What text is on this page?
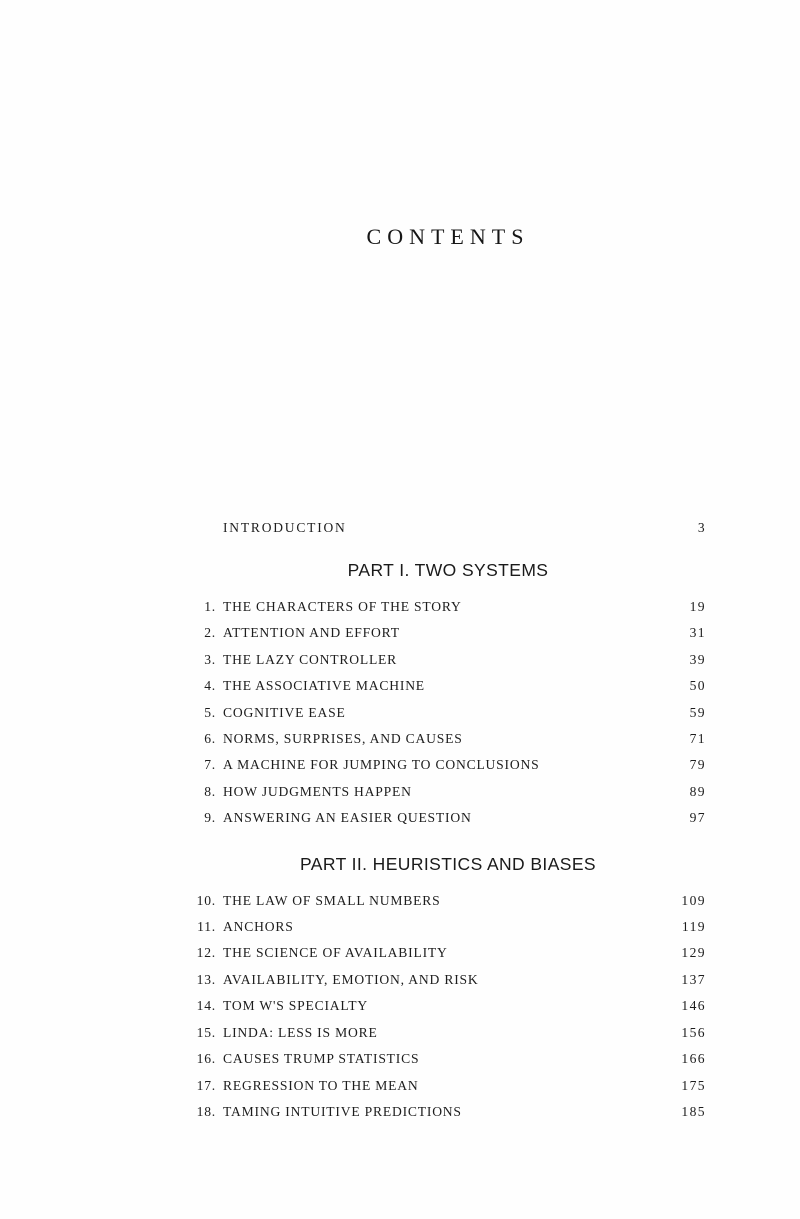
CONTENTS
INTRODUCTION	3
PART I. TWO SYSTEMS
1. THE CHARACTERS OF THE STORY	19
2. ATTENTION AND EFFORT	31
3. THE LAZY CONTROLLER	39
4. THE ASSOCIATIVE MACHINE	50
5. COGNITIVE EASE	59
6. NORMS, SURPRISES, AND CAUSES	71
7. A MACHINE FOR JUMPING TO CONCLUSIONS	79
8. HOW JUDGMENTS HAPPEN	89
9. ANSWERING AN EASIER QUESTION	97
PART II. HEURISTICS AND BIASES
10. THE LAW OF SMALL NUMBERS	109
11. ANCHORS	119
12. THE SCIENCE OF AVAILABILITY	129
13. AVAILABILITY, EMOTION, AND RISK	137
14. TOM W'S SPECIALTY	146
15. LINDA: LESS IS MORE	156
16. CAUSES TRUMP STATISTICS	166
17. REGRESSION TO THE MEAN	175
18. TAMING INTUITIVE PREDICTIONS	185
